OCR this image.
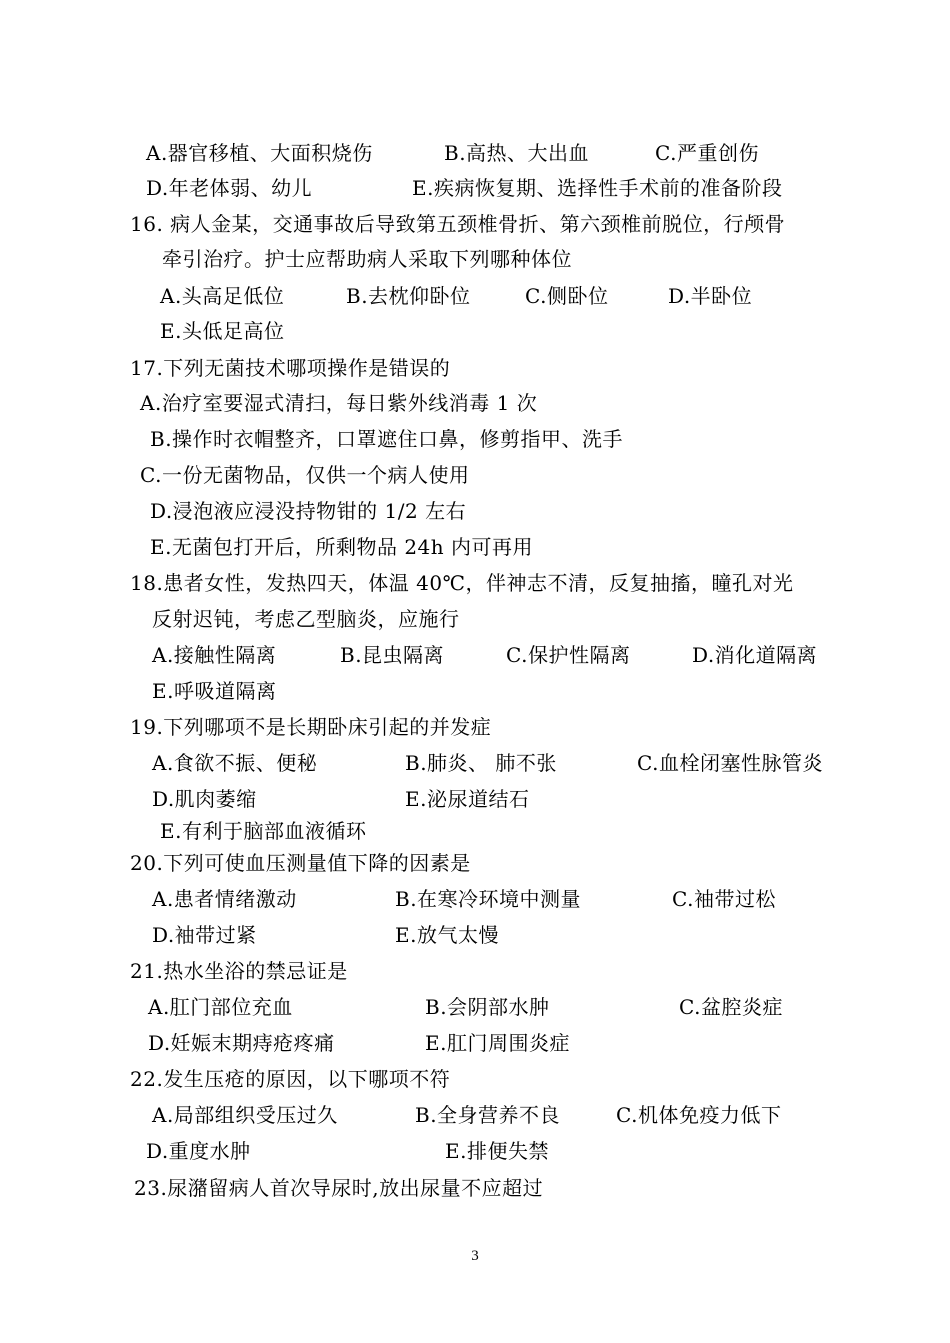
A.器官移植、大面积烧伤	B.高热、大出血	C.严重创伤
D.年老体弱、幼儿	E.疾病恢复期、选择性手术前的准备阶段
16. 病人金某，交通事故后导致第五颈椎骨折、第六颈椎前脱位，行颅骨
牵引治疗。护士应帮助病人采取下列哪种体位
A.头高足低位	B.去枕仰卧位	C.侧卧位	D.半卧位
E.头低足高位
17.下列无菌技术哪项操作是错误的
A.治疗室要湿式清扫，每日紫外线消毒 1 次
B.操作时衣帽整齐，口罩遮住口鼻，修剪指甲、洗手
C.一份无菌物品，仅供一个病人使用
D.浸泡液应浸没持物钳的 1/2 左右
E.无菌包打开后，所剩物品 24h 内可再用
18.患者女性，发热四天，体温 40℃，伴神志不清，反复抽搐，瞳孔对光
反射迟钝，考虑乙型脑炎，应施行
A.接触性隔离	B.昆虫隔离	C.保护性隔离	D.消化道隔离
E.呼吸道隔离
19.下列哪项不是长期卧床引起的并发症
A.食欲不振、便秘	B.肺炎、 肺不张	C.血栓闭塞性脉管炎
D.肌肉萎缩	E.泌尿道结石
E.有利于脑部血液循环
20.下列可使血压测量值下降的因素是
A.患者情绪激动	B.在寒冷环境中测量	C.袖带过松
D.袖带过紧	E.放气太慢
21.热水坐浴的禁忌证是
A.肛门部位充血	B.会阴部水肿	C.盆腔炎症
D.妊娠末期痔疮疼痛	E.肛门周围炎症
22.发生压疮的原因，以下哪项不符
A.局部组织受压过久	B.全身营养不良	C.机体免疫力低下
D.重度水肿	E.排便失禁
23.尿潴留病人首次导尿时,放出尿量不应超过
3
